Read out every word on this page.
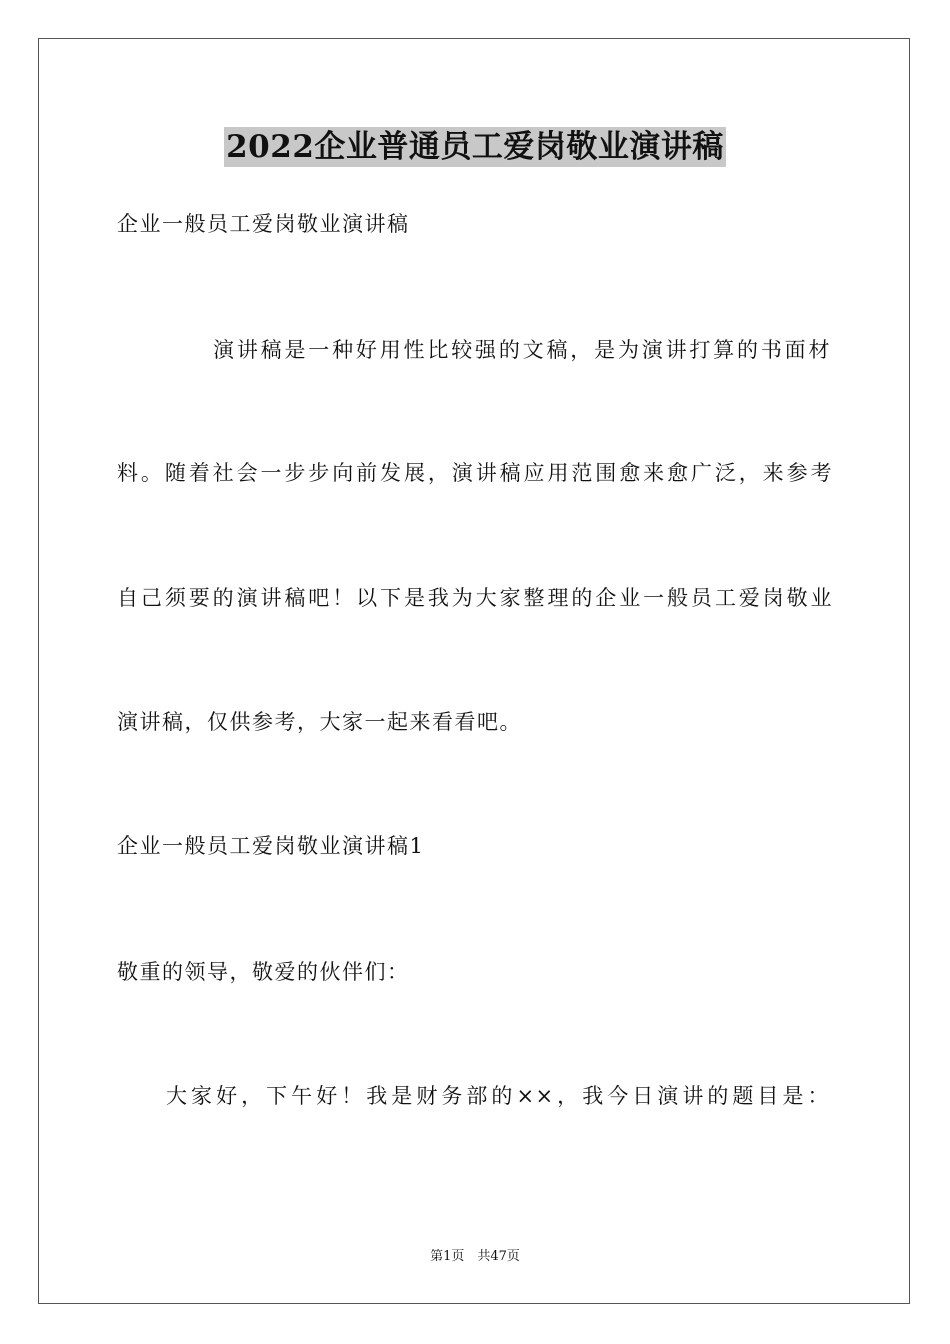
2022企业普通员工爱岗敬业演讲稿
企业一般员工爱岗敬业演讲稿
演讲稿是一种好用性比较强的文稿，是为演讲打算的书面材
料。随着社会一步步向前发展，演讲稿应用范围愈来愈广泛，来参考
自己须要的演讲稿吧！以下是我为大家整理的企业一般员工爱岗敬业
演讲稿，仅供参考，大家一起来看看吧。
企业一般员工爱岗敬业演讲稿1
敬重的领导，敬爱的伙伴们：
大家好，下午好！我是财务部的××，我今日演讲的题目是：
第1页　共47页
